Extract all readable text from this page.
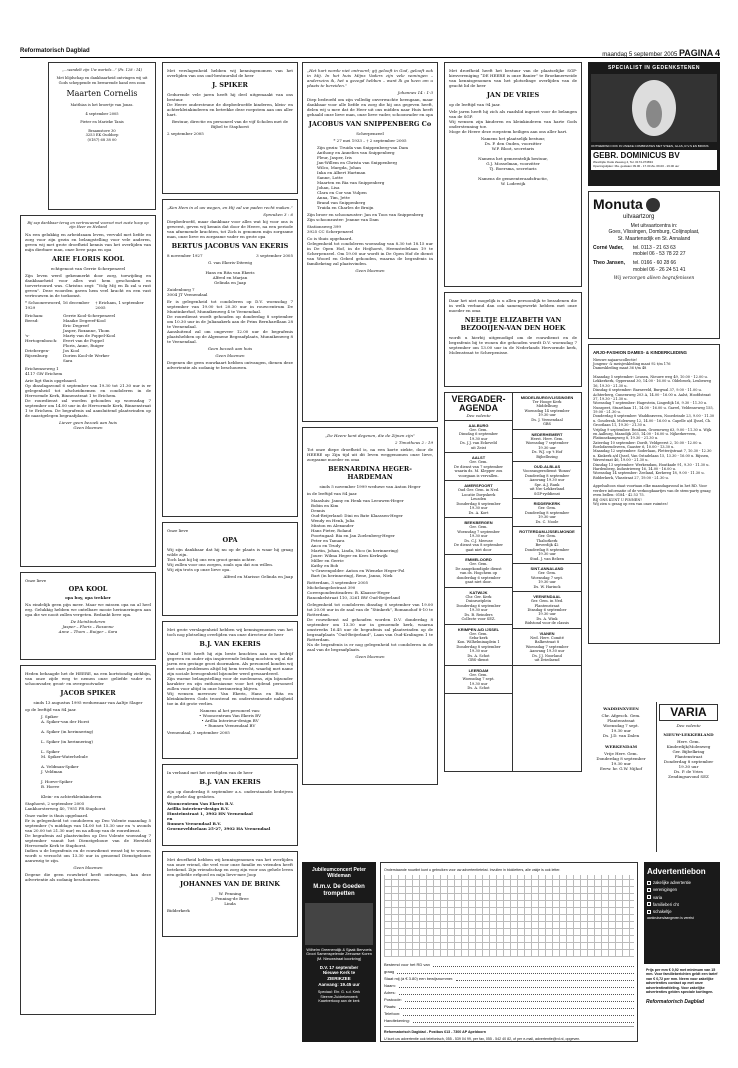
Reformatorisch Dagblad
maandag 5 september 2005 PAGINA 4

„...wandelt zijn Uw wortels...” (Ps. 128 : 14)

Met blijdschap en dankbaarheid ontvingen wij uit Gods scheppende en bewarende hand een zoon

Maarten Cornelis

Matthias is het broertje van Jonas.

4 september 2005

Pieter en Marieke Tanis

Braamstove 30
3253 EK Ouddorp
(0187) 68 38 00

Bij zap dankbaar terug en vertrouwend voorzet met zuste hoop op zijn Heer en Heiland

Na een gelukkig en arbeidzaam leven, vervuld met liefde en zorg voor zijn gezin en belangstelling voor vele anderen, geven wij met grote droefheid kennis van het overlijden van mijn dierbare man, onze lieve papa en opa

ARIE FLORIS KOOL

echtgenoot van Gerrie Scherpenzeel

Zijn leven werd gekenmerkt door zorg, toewijding en dankbaarheid voor alles wat hem geschonken en toevertrouwd was. Christus zegt: “Volg Mij en Ik zal u rust geven”. Deze woorden gaven hem veel kracht en een vast vertrouwen in de toekomst.

* Schoonrewoerd, 16 december 1929
† Ericham, 1 september 2005
Ericham:	Gerrie Kool-Scherpenzeel
Beesd:	Maaike Degreef-Kool
Eric Degreef
Jasper, Roxanne, Thom
's-Hertogenbosch:
Marty van de Poppel-Kool
Evert van de Poppel
Floris, Anne, Ruiger
Driebergen-Rijsenburg:
Jos Kool
Dorien Kool-de Werker
Sara

Erichemseweg 1
4117 GW Erichem

Arie ligt thuis opgebaard.
Op dinsdagavond 6 september van 19.30 tot 21.30 uur is er gelegenheid tot afscheidnemen en condoleren in de Hervormde Kerk, Binnenstraat 1 te Erichem.
De rouwdienst zal worden gehouden op woensdag 7 september om 14.00 uur in de Hervormde Kerk, Binnenstraat 1 te Erichem. De begrafenis zal aansluitend plaatsvinden op de naastgelegen begraafplaats.

Liever geen bezoek aan huis
Geen bloemen

Onze lieve

OPA KOOL

opa boy, opa trekker

Na eindelijk geen pijn meer. Maar we missen opa nu al heel erg. Gelukkig hebben we ontelbare mooie herinneringen aan opa die we nooit zullen vergeten. Bedankt lieve opa.

De kleinkinderen
Jasper – Floris – Roxanne
Anne – Thom – Ruiger – Sara

Heden behaagde het de HEERE, na een kortstondig ziekbijn, van onze zijde weg te nemen onze geliefde vader en schoonvader, groot- en overgrootvader

JACOB SPIKER

sinds 13 augustus 1995 weduwnaar van Aaltje Slager

op de leeftijd van 84 jaar.

J. Spiker
A. Spiker-van der Horst

A. Spiker (in herinnering)

L. Spiker (in herinnering)

L. Spiker
M. Spiker-Waterhebule

A. Veldman-Spiker
J. Veldman

J. Hoeve-Spiker
B. Hoeve

Klein- en achterkleinkinderen

Staphorst, 2 september 2005
Lankhorsterweg 40, 7951 PR Staphorst

Onze vader is thuis opgebaard.
Er is gelegenheid tot condoleren op Deo Volente maandag 5 september ('s middags van 14.00 tot 15.30 uur en 's avonds van 20.00 tot 21.30 uur) en na afloop van de rouwdienst.
De begrafenis zal plaatsvinden op Deo Volente woensdag 7 september vanuit het Dienstgebouw van de Hersteld Hervormde Kerk te Staphorst.
Indien u de begrafenis en de rouwdienst wenst bij te wonen, wordt u verzocht om 13.30 uur in genoemd Dienstgebouw aanwezig te zijn.

Geen bloemen

Degene die geen rouwbrief heeft ontvangen, kan deze advertentie als zodanig beschouwen.

Met verslagenheid hebben wij kennisgenomen van het overlijden van ons oud-bestuurslid de heer

J. SPIKER

Gedurende vele jaren heeft hij deel uitgemaakt van ons bestuur.
De Heere ondersteune de diepbedroefde kinderen, klein- en achterkleinkinderen en betrekke deze roepstem aan ons aller hart.

Bestuur, directie en personeel van de vijf Scholen met de Bijbel te Staphorst

2 september 2005

„Ken Hem in al uw wegen, en Hij zal uw paden recht maken.”

Spreuken 3 : 6

Diepbedroefd, maar dankbaar voor alles wat hij voor ons is geweest, geven wij kennis dat door de Heere, na een periode van afnemende krachten, tot Zich is genomen mijn zorgzame man, onze lieve en zorgzame vader en grote opa

BERTUS JACOBUS VAN EKERIS

8 november 1927	3 september 2005

G. van Ekeris-Ditewig

Hans en Rita van Ekeris
Alfred en Marjan
Gelinda en Jaap

Zuidenburg 7
3004 JT Veenendaal

Er is gelegenheid tot condoleren op D.V. woensdag 7 september van 19.00 tot 20.30 uur in rouwcentrum De Muntinkerhof, Munnikenweg 4 te Veenendaal.
De rouwdienst wordt gehouden op donderdag 8 september om 10.30 uur in de Julianakerk aan de Prins Bernhardlaan 28 te Veenendaal.
Aansluitend zal om ongeveer 12.00 uur de begrafenis plaatshebben op de Algemene Begraafplaats, Munnikenweg 8 te Veenendaal.

Geen bezoek aan huis

Geen bloemen

Degenen die geen rouwkaart hebben ontvangen, dienen deze advertentie als zodanig te beschouwen.

Onze lieve

OPA

Wij zijn dankbaar dat hij nu op de plaats is waar hij graag wilde zijn.
Toch laat hij bij ons een groot gemis achter.
Wij zullen voor ons zorgen, zoals opa dat zou willen.
Wij zijn trots op onze lieve opa.

Alfred en Marisse Gelinda en Jaap

Met grote verslagenheid hebben wij kennisgenomen van het toch nog plotseling overlijden van onze directeur de heer

B.J. VAN EKERIS

Vanaf 1960 heeft hij zijn beste krachten aan ons bedrijf gegeven en onder zijn inspirerende leiding mochten wij al die jaren een gestage groei doormaken. Als personeel konden wij met onze problemen altijd bij hem terecht, waarbij met name zijn sociale bewogenheid bijzonder werd gewaardeerd.
Zijn warme belangstelling voor de medemens, zijn bijzonder karakter en zijn enthousiasme voor het rijdend personeel zullen voor altijd in onze herinnering blijven.
Wij wensen mevrouw Van Ekeris, Hans en Rita en kleinkinderen Gods troostend en ondersteunende nabijheid toe in dit grote verlies.

Namens al het personeel van:
• Wooncentrum Van Ekeris BV
• Arillia Interieur-design BV
• Runnex Veenendaal BV

Veenendaal, 3 september 2005

In verband met het overlijden van de heer

B.J. VAN EKERIS

zijn op donderdag 8 september a.s. onderstaande bedrijven de gehele dag gesloten.

Wooncentrum Van Ekeris B.V.
Arillia Interieur-design B.V.
Einsteinstraat 1, 3902 HN Veenendaal
en
Runnex Veenendaal B.V.
Groeneveldselaan 25-27, 3902 HA Veenendaal

Met droefheid hebben wij kennisgenomen van het overlijden van onze vriend, die veel voor onze familie en vrienden heeft betekend. Zijn vriendschap en zorg zijn voor ons gehele leven een geliefde erfgoed en mijn lieve-mee Joop

JOHANNES VAN DE BRINK

W. Penning
J. Penning-de Bree
Linda

Bidderkerk

„Het hart worde niet ontroerd; gij gelooft in God, gelooft ook in Mij. In het huis Mijns Vaders zijn vele woningen – anderszins ik, het u gezegd hebben – want Ik ga heen om u plaats te bereiden.”

Johannes 14 : 1-3

Diep bedroefd om zijn volledig onverwachte heengaan, maar dankbaar voor alle liefde en zorg die hij ons gegeven heeft, delen wij u mee dat de Heer uit ons midden naar Huis heeft gehaald onze lieve man, onze lieve vader, schoonvader en opa

JACOBUS VAN SNIPPENBERG Co

Scherpenzeel

* 27 mei 1933 – † 2 september 2005

Zijn gezin: Truida van Snippenberg-van Dam
Anthony en Annelies van Snippenberg
Fleur, Jasper, Iris
Jan-Willem en Christa van Snippenberg
Wilco, Margda, Johan
Inka en Albert Hartman
Sanne, Lotte
Maarten en Ria van Snippenberg
Johan, Lisa
Clara en Cor van Vulpen
Anna, Tim, Jette
Brand van Snippenberg
Truida en Charles de Bruijn

Zijn broer en schoonzuster: Jan en Toos van Snippenberg
Zijn schoonzuster: Jeanne van Dam

Stationsweg 399
3925 CC Scherpenzeel

Co is thuis opgebaard.
Gelegenheid tot condoleren woensdag van 8.30 tot 18.15 uur in De Open Hof, in de Heijhorst, Heemstedelaan 19 te Scherpenzeel. Om 19.00 uur wordt in De Open Hof de dienst van Woord en Gebed gehouden, waarna de begrafenis in familiekring zal plaatsvinden.

Geen bloemen

„De Heere kent degenen, die de Zijnen zijn”

2 Timotheus 2 : 19

Tot onze diepe droefheid is, na een korte ziekte, door de HEERE op Zijn tijd uit dit leven weggenomen onze lieve, zorgzame moeder en oma

BERNARDINA HEGER-HARDEMAN

sinds 5 november 1999 weduwe van Anton Heger

in de leeftijd van 84 jaar.

Maasluis: Janny en Henk van Leeuwen-Heger
Bobin en Kim
Dennis
Oud-Beijerland: Dini en Bate Klaassen-Heger
Wendy en Henk, Julia
Minton en Alexander
Hans Pieter, Roland
Poortugaal: Bia en Jan Zoelenberg-Heger
Peter en Tamara
Anco en Trudy
Martin, Johan, Linda, Nico (in herinnering)
Jouer: Wilma Heger en Kees Kerkwijk
Miller en Gerrie
Kathy en Bob
's-Gravenpolder: Anton en Wieneke Heger-Pol
Bart (in herinnering), Rene, Janno, Niek

Rotterdam, 3 september 2005
Michelangelostraat 390
Correspondentieadres: B. Klaasse-Heger
Ranonkelstraat 110, 3261 BW Oud-Beijerland

Gelegenheid tot condoleren dinsdag 6 september van 19.00 tot 20.00 uur in de zaal van de “Stinkerk”, Romanohof 8-10 te Rotterdam.
De rouwdienst zal gehouden worden D.V. donderdag 8 september om 13.30 uur in genoemde kerk, waarna omstreeks 16.45 uur de begrafenis zal plaatsvinden op de begraafplaats “Oud-Beijerland”, Laan van Oud-Kralingen 1 te Rotterdam.
Na de begrafenis is er nog gelegenheid tot condoleren in de zaal van de begraafplaats.

Geen bloemen

Met droefheid heeft het bestuur van de plaatselijke SGP-kiesvereniging “DE HEERE is onze Banier” te Broekmerweide van kennisgenomen van het plotselinge overlijden van de geacht lid de heer

JAN DE VRIES

op de leeftijd van 94 jaar.

Vele jaren heeft hij zich als raadslid ingezet voor de belangen van de SGP.
Wij wensen zijn kinderen en kleinkinderen van harte Gods ondersteuning toe.
Moge de Heere deze roepstem heiligen aan ons aller hart.

Namens het plaatselijk bestuur,
Ds. P. den Ouden, voorzitter
W.P. Bloot, secretaris

Namens het gemeentelijk bestuur,
G.J. Mosselman, voorzitter
Tj. Boersma, secretaris

Namens de gemeenteraadsfractie,
W. Lodewijk

Daar het niet mogelijk is u allen persoonlijk te bezadenen die in welk verband dan ook samengewerkt hebben met onze moeder en oma

NEELTJE ELIZABETH VAN BEZOOIJEN-VAN DEN HOEK

wordt u hierbij uitgenodigd om de rouwdienst en de begrafenis bij te wonen die gehouden wordt D.V. woensdag 7 september om 13.00 uur in de Nederlands Hervormde kerk, Molenstraat te Scherpenisse.

VERGADER-AGENDA
Deo volente
AALBURG
Ger. Gem.
Dinsdag 6 september
19.30 uur
Ds. J.J. van Eckeveld
uit Zeist
AALST
Ger. Gem.
De dienst van 7 september
waarin ds. M. Klepper zou
voorgaan is vervallen.
AMERSFOORT
Oud Ger. Gem. in Ned.
Locatie Dorpskerk
Leusden
Donderdag 8 september
19.30 uur
Ds. A. Kort
BEEKBERGEN
Ger. Gem.
Woensdag 7 september
19.30 uur
Ds. C.J. Meeuse
De dienst van 8 september
gaat niet door
EMMELOORD
Ger. Gem.
De aangekondigde dienst
van ds. Hogchem op
donderdag 6 september
gaat niet door.
KATWIJK
Chr. Ger. Kerk
Duinrustplein
Donderdag 6 september
19.30 uur
Ds. B. Reinders
Collecte voor SEZ.
KRIMPEN A/D IJSSEL
Ger. Gem.
Seba-kerk
Kon. Wilhelminaplein 1
Donderdag 8 september
19.30 uur
Ds. A. Schot
GBS-dienst
LEERDAM
Ger. Gem.
Woensdag 7 sept.
19.30 uur
Ds. A. Schot
MIDDELBURG/VLISSINGEN
Ter Hooge Kerk
Middelburg
Woensdag 14 september
19.30 uur
Ds. J. Veenendaal
GBS
NEDERHEMERT
Herst. Herv. Gem.
Woensdag 7 september
19.30 uur
Ds. W.J. op 't Hof
Bijbellezing
OUD-ALBLAS
Voorzangersdienst 'Bonus'
Donderdag 8 september
Aanvang 19.30 uur
Spr. A.J. Rank
uit Nw.-Lekkerland
SGP-ryddienst
RIDDERKERK
Ger. Gem.
Donderdag 8 september
19.30 uur
Ds. C. Noole
ROTTERDAM-IJSSELMONDE
Ger. Gem.
Thabotkerk
Beverdijk 42
Donderdag 8 september
19.30 uur
Stud. J. van Belzen
SINT-ANNALAND
Ger. Gem.
Woensdag 7 sept.
19.30 uur
Ds. W. Harinck
VEENENDAAL
Ger. Gem. in Ned.
Plantenstraat
Dinsdag 6 september
19.30 uur
Ds. A. Wink
Bidstond voor de classis
VIANEN
Ned. Herv. Comité
Balkestraat 8
Woensdag 7 september
Aanvang 19.30 uur
Ds. J.J. Noorland
uit Driedaend
SPECIALIST IN GEDENKSTENEN
ONTWERPEN OOK IN UNIEKE COMBINATIES MET STEEN, GLAS, R.V.S EN BRONS
GEBR. DOMINICUS BV
Westzijde Oude Zeeweg 4, Tel. 0174-374834
Openingstijden: Ma. geslaten 09.00 - 17.30 Za. 09.00 - 16.00 uur
Monuta
uitvaartzorg

Met uitvaartcentra in:
Goes, Vlissingen, Domburg, Colijnsplaat,
St. Maartensdijk en St. Annaland

Corné Vader,	tel. 0113 - 21 63 63
mobiel 06 - 53 78 22 27
Theo Jansen,	tel. 0166 - 60 28 66
mobiel 06 - 26 24 51 41

Wij verzorgen alleen begrafenissen

ARJO-FASHION DAMES- & KINDERKLEDING

Nieuwe najaarscollectie!
Jongens- & meisjeskleding maat 92 t/m 176
Dameskleding maat 36 t/m 48

Maandag 5 september: Leusen, Nieuwe weg 49, 10.00 - 12.00 u. Lekkerkerk, Opperzand 30, 14.00 - 16.00 u. Oldebroek, Leubeweg 16, 19.30 - 21.30 u.
Dinsdag 6 september: Barneveld, Burgwal 37, 9.00 - 11.00 u. Achterberg, Cuneraweg 203 A, 14.00 - 16.00 u. Aalst, Hoofdstraat 37, 19.30 - 21.30 u.
Woensdag 7 september: Hagestein, Lingedijk 16, 9.30 - 11.30 u. Nunspeet, Stuartlaan 11, 14.00 - 16.00 u. Garrel, Veldenseweg 155, 19.00 - 21.30 u.
Donderdag 8 september: Waddinxveen, Noordeinde 23, 9.00 - 11.30 u. Gouderak, Molenweg 12, 14.00 - 16.00 u. Capelle a/d IJssel, Ch. Grootlaan 11, 19.30 - 21.30 u.
Vrijdag 9 september: Renkum, Groeneweg 63, 9.00 - 11.30 u. Wijk en Aalburg, Maasdijk 203, 14.00 - 16.00 u. Nijkerkerveen, Platinnekampweg 8, 19.30 - 21.30 u.
Zaterdag 10 september: Dordt, Veldgeerst 2, 10.00 - 12.00 u. Roelofarendsveen, Gaaster 6, 10.00 - 13.30 u.
Maandag 12 september: Soderlaan, Pletterijstraat 7, 10.30 - 12.30 u. Kinkerk a/d IJssel, Van Ostadelaan 15, 13.30 - 16.00 u. Rijssen, Wavestraat 46, 19.00 - 21.30 u.
Dinsdag 13 september: Werkendam, Houtkade 91, 9.30 - 11.30 u. Hardenberg, Industrieweg 16, 14.00 - 16.00 u.
Woensdag 14 september: Zeeland, Kerkweg 18, 9.00 - 11.30 u. Ridderkerk, Vlasstraat 27, 19.00 - 21.30 u.

Appelsaltoos staat voortaan elke maandagavond in het RD. Voor verdere informatie of de verkoopkaartjes van de stem-party graag even bellen: 0184 - 42 53 75.
BIJ ONS KUNT U PINNEN!
Wij zien u graag op een van onze ruimtes!

WADDINXVEEN

Chr. Afgesch. Gem.
Plantenstraat
Woensdag 7 sept.
19.30 uur
Ds. J.D. van Dalen

WERKENDAM

Vrije Herv. Gem.
Donderdag 8 september
19.30 uur
Eerw. hr. G.W. Nijhof

VARIA

Deo volente

NIEUW-LEKKERLAND

Herv. Gem.
Kinderdijk/Molenweg
Ger. Bijbelkring
Plantenstraat
Donderdag 8 september
19.30 uur
Ds. P. de Vries
Zendingsavond SEZ

Jubileumconcert Peter Wildeman

M.m.v. De Goeden trompetten

Wilhelm Greenendijk & Sjaak Bervoets
Groot Samenspelende Zeeuwse Koren
(M. Nieuwstraat koorkring)

D.V. 17 september
Nieuwe Kerk te
ZIERIKZEE
Aanvang: 19.45 uur

Speciaal: Ehr. G. s.d. Kerk
Steenre-Zuidrekenwerk
Kaartverkoop aan de kerk

Onderstaande rouwlint kunt u gebruiken voor uw advertentietekst. Invullen in blokletters, alle vakje is ook letter.

Bestemd voor het RD van
graag
Staat mij (à € 3.80) een bewijsnummer.
Naam:
Adres:
Postcode:
Plaats:
Telefoon:
Handtekening:

Reformatorisch Dagblad - Postbus 613 - 7300 AP Apeldoorn

U kunt uw advertentie ook telefonisch, 055 - 539 04 99, per fax, 055 - 542 40 82, of per e-mail, advertentie@rd.nl, opgeven.

Advertentiebon

zakelijke advertentie
verenigingen
varia
familieberi cht
schakeltje

aankruisen/aangeven is vereist

Prijs per mm € 0,92 met minimum van 15 mm. Voor familieberichten geldt een tarief van € 0,72 per mm. Neem voor zakelijke advertenties contact op met onze advertentieafdeling. Voor zakelijke advertenties gelden speciale kortingen.

Reformatorisch Dagblad
